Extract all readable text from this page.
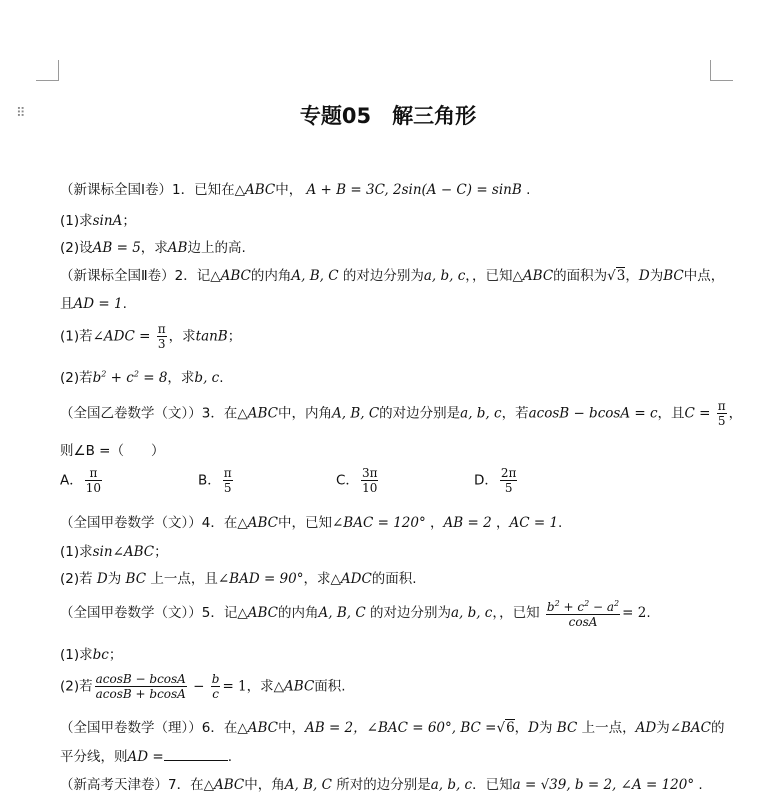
⠿	专题05　解三角形
（新课标全国Ⅰ卷）1．已知在△ABC中， A + B = 3C, 2sin(A − C) = sinB .
(1)求sinA；
(2)设AB = 5，求AB边上的高.
（新课标全国Ⅱ卷）2．记△ABC的内角A, B, C 的对边分别为a, b, c，，已知△ABC的面积为√3，D为BC中点，
且AD = 1.
(1)若∠ADC = $\frac{\pi}{3}$ ，求tanB；
(2)若$b^2 + c^2 = 8$，求b, c.
（全国乙卷数学（文））3．在△ABC中，内角A, B, C的对边分别是a, b, c，若acosB − bcosA = c，且$C = \frac{\pi}{5}$ ，
则∠B =（　　）
A． $\frac{\pi}{10}$	B． $\frac{\pi}{5}$	C． $\frac{3\pi}{10}$	D． $\frac{2\pi}{5}$
（全国甲卷数学（文））4．在△ABC中，已知∠BAC = 120° ，AB = 2 ，AC = 1.
(1)求sin∠ABC；
(2)若 D为 BC 上一点，且∠BAD = 90°，求△ADC的面积.
（全国甲卷数学（文））5．记△ABC的内角A, B, C 的对边分别为a, b, c，，已知 $\frac{b^2 + c^2 - a^2}{\cos A} = 2$.
(1)求bc；
(2)若 $\frac{acosB - bcosA}{acosB + bcosA} - \frac{b}{c} = 1$，求△ABC面积.
（全国甲卷数学（理））6．在△ABC中，AB = 2，∠BAC = 60°, BC =√6，D为 BC 上一点，AD为∠BAC的
平分线，则AD =	.
（新高考天津卷）7．在△ABC中，角A, B, C 所对的边分别是a, b, c．已知a = √39, b = 2, ∠A = 120° .
